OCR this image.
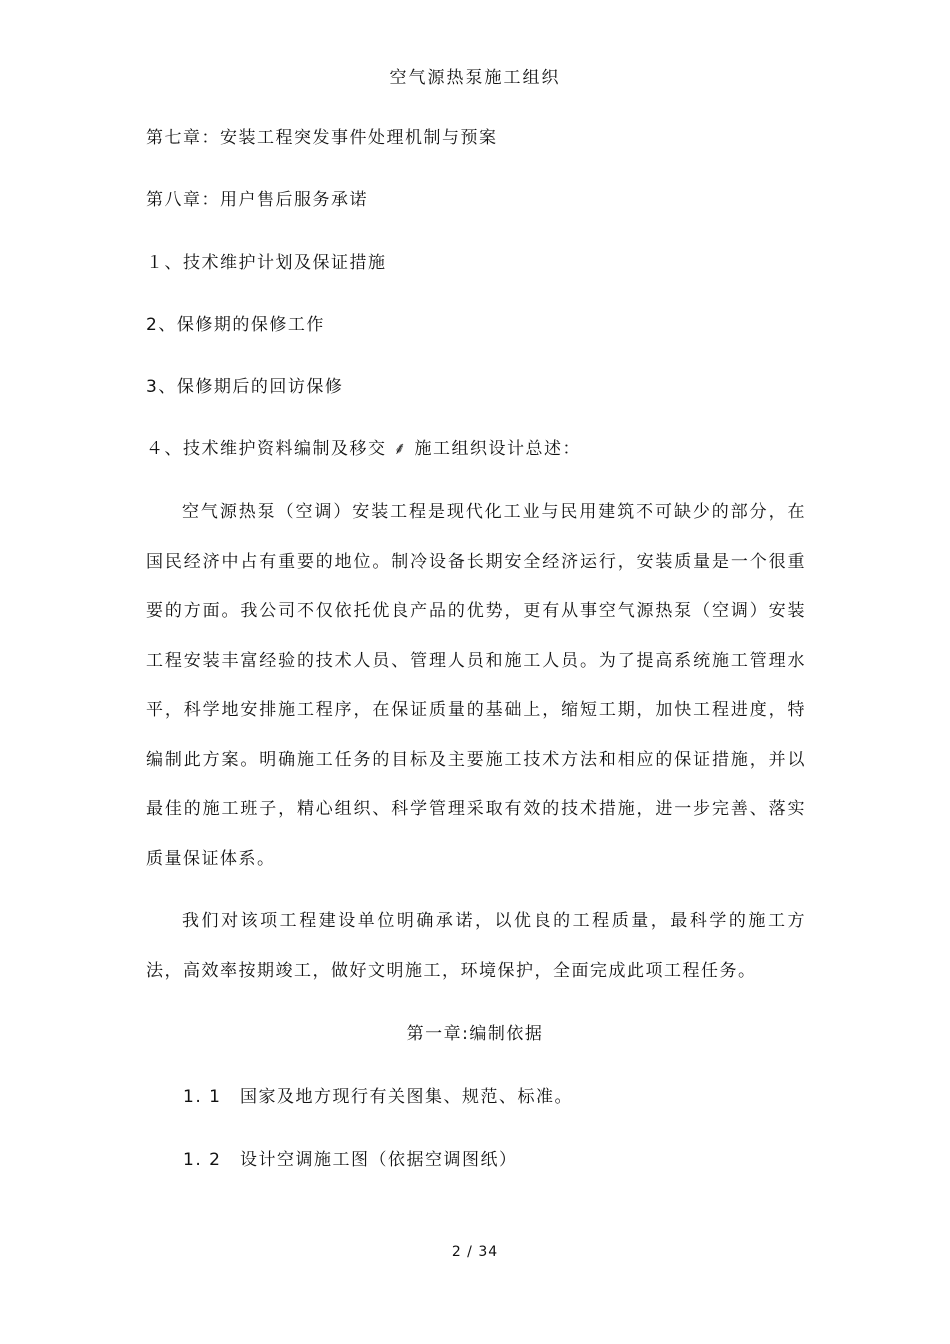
空气源热泵施工组织
第七章：安装工程突发事件处理机制与预案
第八章：用户售后服务承诺
１、技术维护计划及保证措施
2、保修期的保修工作
3、保修期后的回访保修
４、技术维护资料编制及移交 ⸙ 施工组织设计总述：

空气源热泵（空调）安装工程是现代化工业与民用建筑不可缺少的部分，在国民经济中占有重要的地位。制冷设备长期安全经济运行，安装质量是一个很重要的方面。我公司不仅依托优良产品的优势，更有从事空气源热泵（空调）安装工程安装丰富经验的技术人员、管理人员和施工人员。为了提高系统施工管理水平，科学地安排施工程序，在保证质量的基础上，缩短工期，加快工程进度，特编制此方案。明确施工任务的目标及主要施工技术方法和相应的保证措施，并以最佳的施工班子，精心组织、科学管理采取有效的技术措施，进一步完善、落实质量保证体系。

我们对该项工程建设单位明确承诺，以优良的工程质量，最科学的施工方法，高效率按期竣工，做好文明施工，环境保护，全面完成此项工程任务。

第一章:编制依据
1. 1　国家及地方现行有关图集、规范、标准。
1. 2　设计空调施工图（依据空调图纸）
2 / 34
